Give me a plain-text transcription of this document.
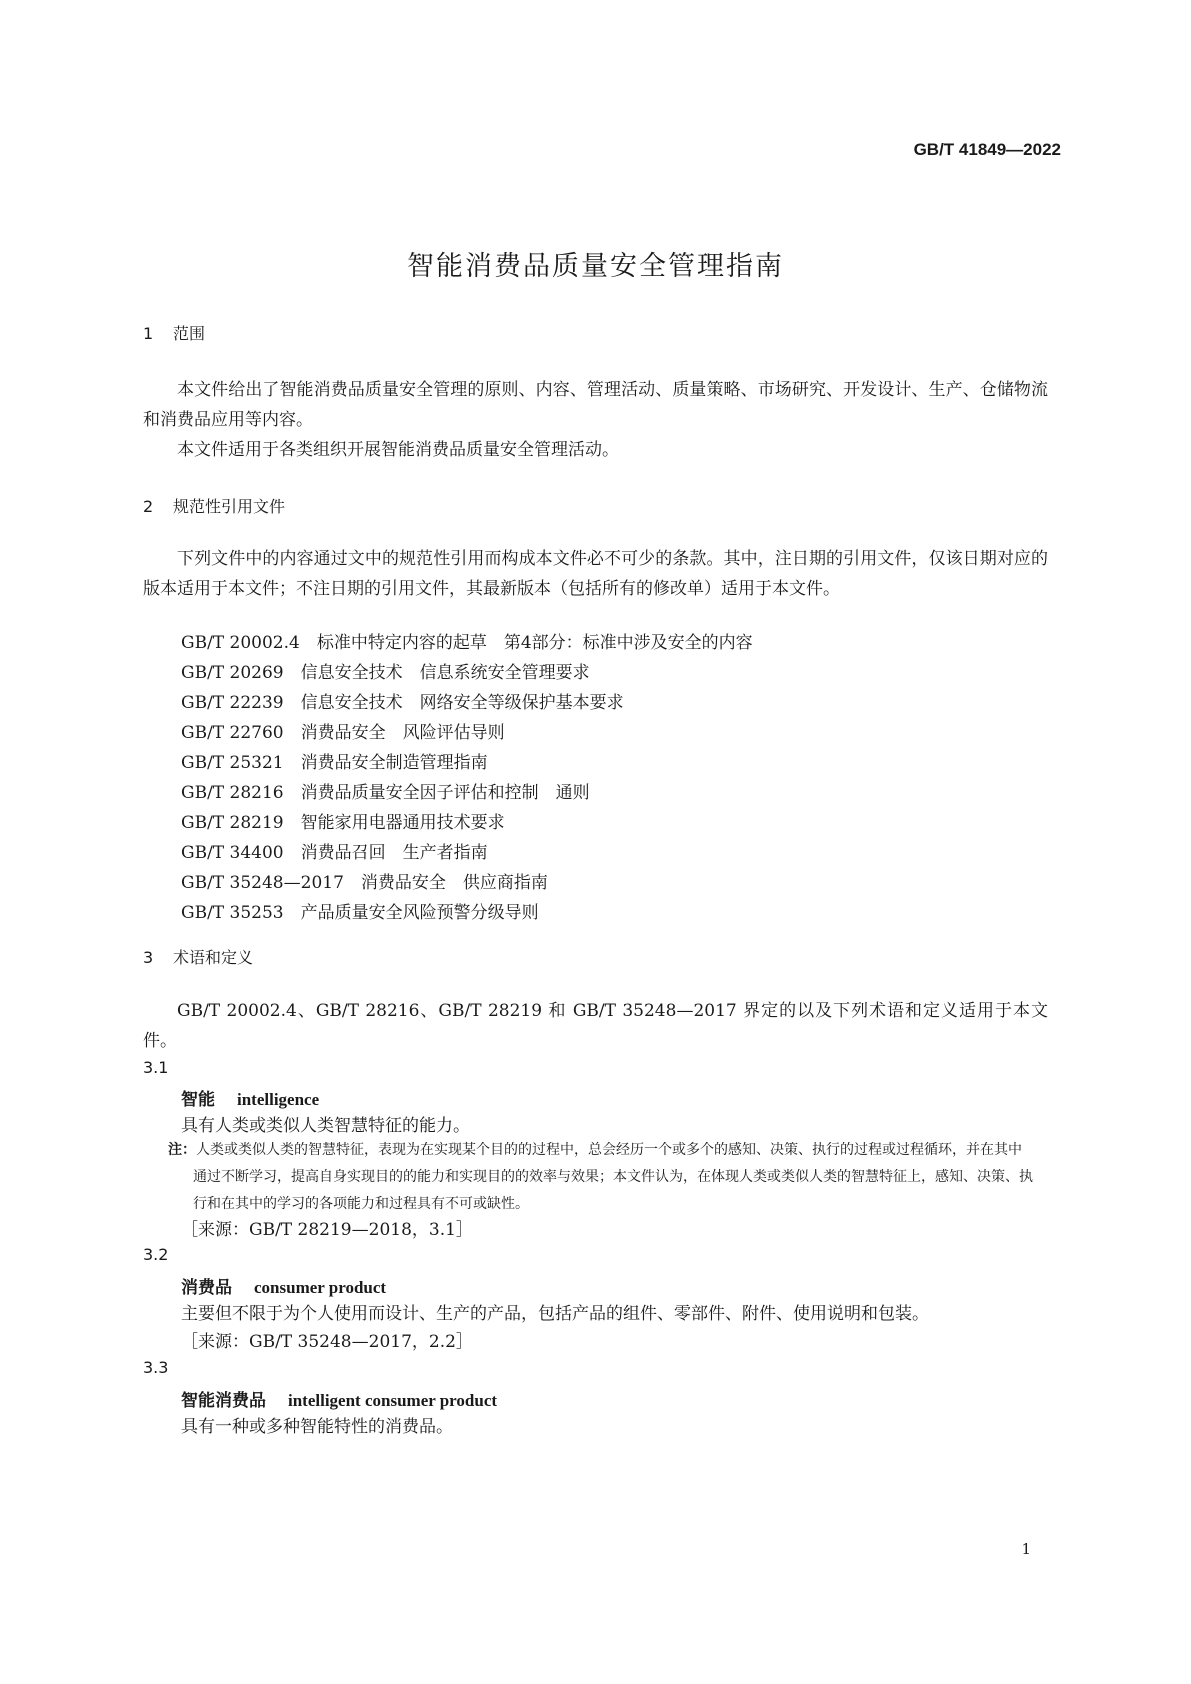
GB/T 41849—2022
智能消费品质量安全管理指南
1 范围

本文件给出了智能消费品质量安全管理的原则、内容、管理活动、质量策略、市场研究、开发设计、生产、仓储物流和消费品应用等内容。

本文件适用于各类组织开展智能消费品质量安全管理活动。

2 规范性引用文件

下列文件中的内容通过文中的规范性引用而构成本文件必不可少的条款。其中，注日期的引用文件，仅该日期对应的版本适用于本文件；不注日期的引用文件，其最新版本（包括所有的修改单）适用于本文件。

GB/T 20002.4　标准中特定内容的起草　第4部分：标准中涉及安全的内容
GB/T 20269　信息安全技术　信息系统安全管理要求
GB/T 22239　信息安全技术　网络安全等级保护基本要求
GB/T 22760　消费品安全　风险评估导则
GB/T 25321　消费品安全制造管理指南
GB/T 28216　消费品质量安全因子评估和控制　通则
GB/T 28219　智能家用电器通用技术要求
GB/T 34400　消费品召回　生产者指南
GB/T 35248—2017　消费品安全　供应商指南
GB/T 35253　产品质量安全风险预警分级导则
3 术语和定义

GB/T 20002.4、GB/T 28216、GB/T 28219 和 GB/T 35248—2017 界定的以及下列术语和定义适用于本文件。

3.1
智能 intelligence
具有人类或类似人类智慧特征的能力。
注：人类或类似人类的智慧特征，表现为在实现某个目的的过程中，总会经历一个或多个的感知、决策、执行的过程或过程循环，并在其中通过不断学习，提高自身实现目的的能力和实现目的的效率与效果；本文件认为，在体现人类或类似人类的智慧特征上，感知、决策、执行和在其中的学习的各项能力和过程具有不可或缺性。
［来源：GB/T 28219—2018，3.1］
3.2
消费品 consumer product
主要但不限于为个人使用而设计、生产的产品，包括产品的组件、零部件、附件、使用说明和包装。
［来源：GB/T 35248—2017，2.2］
3.3
智能消费品 intelligent consumer product
具有一种或多种智能特性的消费品。
1
